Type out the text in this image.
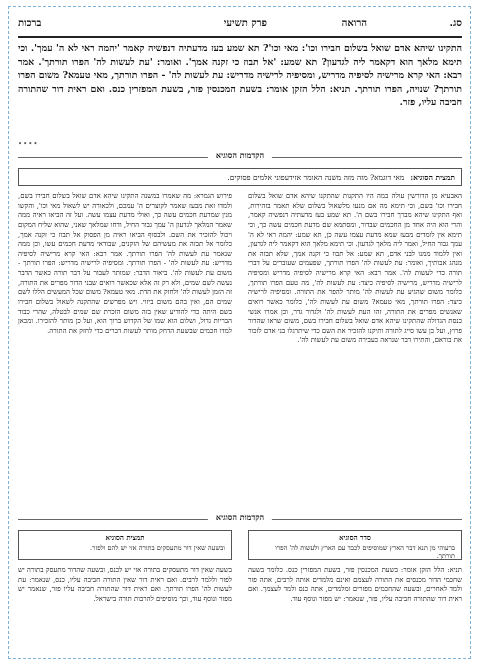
סג.
הרואה
פרק תשיעי
ברכות

התקינו שיהא אדם שואל בשלום חבירו וכו': מאי וכו'? תא שמע בעז מדעתיה דנפשיה קאמר 'יהמה ראי לא ה' עמך'. וכי תימא מלאך הוא דקאמר ליה לגדעון? תא שמע: 'אל תבוז כי זקנה אמך'. ואומר: 'עת לעשות לה' הפרו תורתך'. אמר רבא: האי קרא מרישיה לסיפיה מדריש, ומסיפיה לרישיה מדריש: עת לעשות לה' - הפרו תורתך, מאי טעמא? משום הפרו תורתך? שנויה, הפרו תורתך. תניא: הלל הזקן אומר: בשעת המכנסין פזר, בשעת המפזרין כנס. ואם ראית דור שהתורה חביבה עליו, פזר.

••••
הקדמות הסוגיא
תמצית הסוגיא:מאי דוגמא? מזה מזה משנה האומר אזידעפוני אלמים פסוקים.

האבעיא מן הדורשין עולה במה היו התקנות שהתקנו שיהא אדם שואל בשלום חבירו וכו' בשם, וכי תימא מה אם מנעו מלשאול בשלום שלא תאמר בזהירות, ואף התקינו שיהא מברך חבירו בשם ה'. תא שמע בעז מדעתיה דנפשיה קאמר, והרי הוא היה אחד מן החכמים שבדור, ומסתמא שם מדעת חכמים עשה כך, וכי תימא אין לומדים מבעז שמא מדעת עצמו עשה כן, תא שמע: יהמה ראי לא ה' עמך גבור החיל, ואמר ליה מלאך לגדעון. וכי תימא מלאך הוא דקאמר ליה לגדעון, ואין ללמוד ממנו לבני אדם, תא שמע: אל תבוז כי זקנה אמך, שלא תבזה את מנהג אבותיך, ואומר: עת לעשות לה' הפרו תורתך, שפעמים שעוברים על דברי תורה כדי לעשות לה'. אמר רבא: האי קרא מרישיה לסיפיה מדריש ומסיפיה לרישיה מדריש, מרישיה לסיפיה כיצד: עת לעשות לה', מה טעם הפרו תורתך, כלומר משום שהגיע עת לעשות לה' מותר להפר את התורה. ומסיפיה לרישיה כיצד: הפרו תורתך, מאי טעמא? משום עת לעשות לה', כלומר כאשר רואים שאנשים מפרים את התורה, זהו העת לעשות לה' ולגדור גדר, וכן אמרו אנשי כנסת הגדולה שהתקינו שיהא אדם שואל בשלום חבירו בשם, משום שראו שהדור פרוץ, ועל כן עשו סייג לתורה ותיקנו להזכיר את השם כדי שיתרגלו בני אדם לזכור את בוראם, והתירו דבר שנראה כעבירה משום עת לעשות לה'.

פירוש הגמרא: מה שאמרו במשנה התקינו שיהא אדם שואל בשלום חבירו בשם, ולמדו זאת מבעז שאמר לקוצרים ה' עמכם, ולכאורה יש לשאול מאי וכו', והקשו מנין שמדעת חכמים עשה כך, ואולי מדעת עצמו עשה. ועל זה הביאו ראיה ממה שאמר המלאך לגדעון ה' עמך גבור החיל, ודחו שמלאך שאני, שהוא שליח המקום ויכול להזכיר את השם. ולבסוף הביאו ראיה מן הפסוק אל תבוז כי זקנה אמך, כלומר אל תבזה את מעשיהם של הזקנים, שבודאי מדעת חכמים עשו, וכן ממה שנאמר עת לעשות לה' הפרו תורתך. אמר רבא: האי קרא מרישיה לסיפיה מדריש: עת לעשות לה' - הפרו תורתך. ומסיפיה לרישיה מדריש: הפרו תורתך - משום עת לעשות לה'. ביאור הדבר: שמותר לעבור על דבר תורה כאשר הדבר נעשה לשם שמים, ולא רק זה אלא שכאשר רואים שבני הדור מפרים את התורה, זה הזמן לעשות לה' ולחזק את הדת. מאי טעמא? משום שכל המעשים הללו לשם שמים הם, ואין בהם משום ביזוי. ויש מפרשים שהתקנה לשאול בשלום חבירו בשם היתה כדי להודיע שאין בזה משום הזכרת שם שמים לבטלה, שהרי כבוד הבריות גדול, ושלום הוא שמו של הקדוש ברוך הוא, ועל כן מותר להזכירו. ומכאן למדו חכמים שבשעת הדחק מותר לעשות דברים כדי לחזק את התורה.

הקדמות הסוגיא
סדר הסוגיא
ברעוהי מן תנא דבר הארץ שמוסיפים לכבד עם הארץ ולעשות לה' הפרו תורתך.
תמצית הסוגיא
ובשעה שאין דור מתעסקים בתורה אזי יש להם ולפזר.

תניא: הלל הזקן אומר: בשעת המכנסין פזר, בשעת המפזרין כנס. כלומר בשעה שחכמי הדור מכנסים את התורה לעצמם ואינם מלמדים אותה לרבים, אתה פזר ולמד לאחרים, ובשעה שהחכמים מפזרים ומלמדים, אתה כנס ולמד לעצמך. ואם ראית דור שהתורה חביבה עליו, פזר, שנאמר: יש מפזר ונוסף עוד.

בשעה שאין דור מתעסקים בתורה אזי יש לכנס, ובשעה שהדור מתעסק בתורה יש לפזר וללמד לרבים. ואם ראית דור שאין התורה חביבה עליו, כנס, שנאמר: עת לעשות לה' הפרו תורתך. ואם ראית דור שהתורה חביבה עליו פזר, שנאמר יש מפזר ונוסף עוד, וכך מוסיפים להרבות תורה בישראל.
